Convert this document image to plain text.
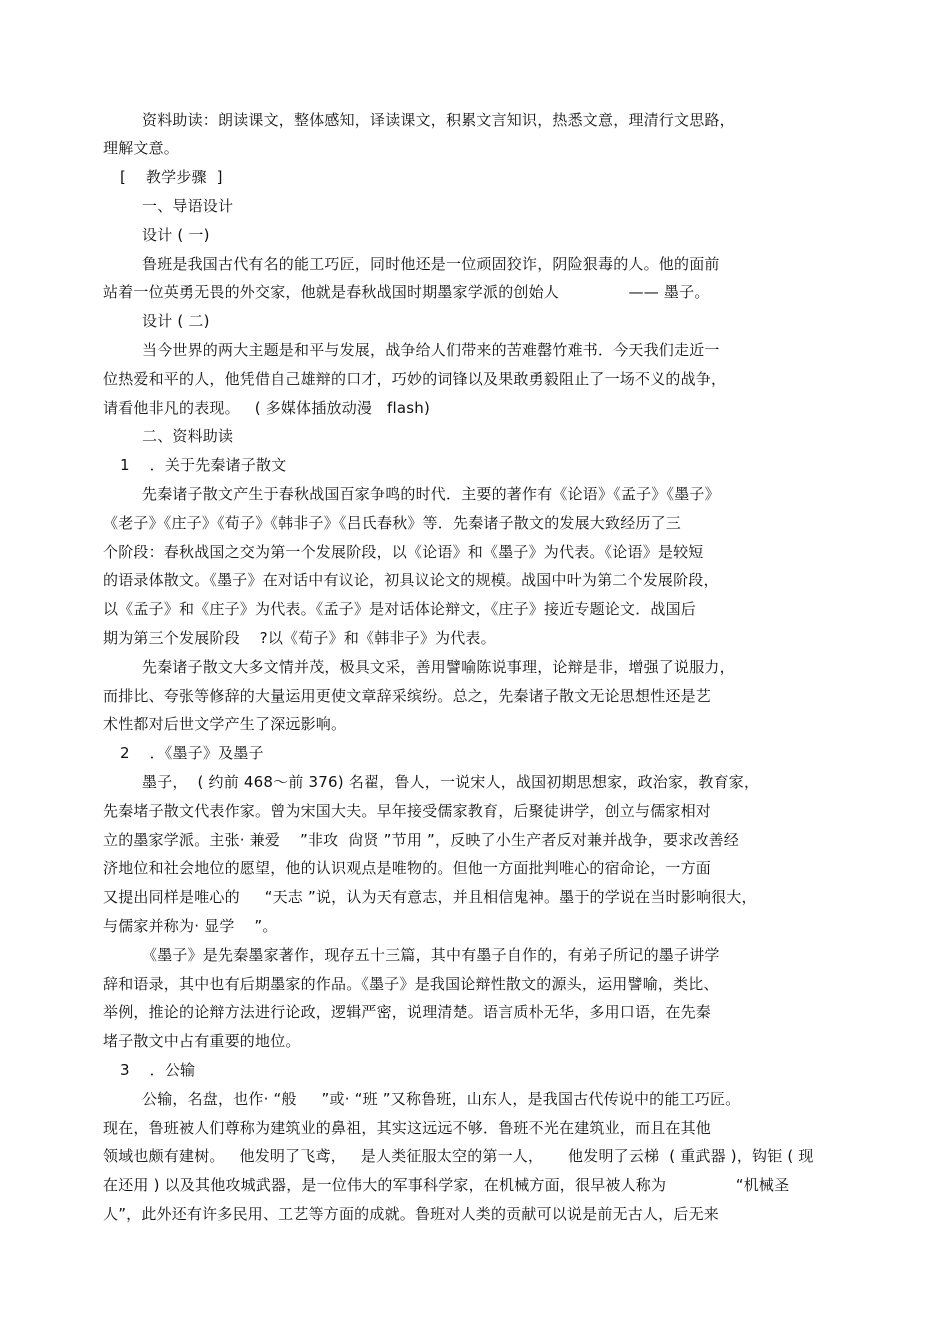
资料助读：朗读课文，整体感知，译读课文，积累文言知识，热悉文意，理清行文思路，
理解文意。
[    教学步骤  ]
一、导语设计
设计 ( 一)
鲁班是我国古代有名的能工巧匠，同时他还是一位顽固狡诈，阴险狠毒的人。他的面前
站着一位英勇无畏的外交家，他就是春秋战国时期墨家学派的创始人              —— 墨子。
设计 ( 二)
当今世界的两大主题是和平与发展，战争给人们带来的苦难罄竹难书．今天我们走近一
位热爱和平的人，他凭借自己雄辩的口才，巧妙的词锋以及果敢勇毅阻止了一场不义的战争，
请看他非凡的表现。   ( 多媒体插放动漫   flash)
二、资料助读
1    ．关于先秦诸子散文
先秦诸子散文产生于春秋战国百家争鸣的时代．主要的著作有《论语》《孟子》《墨子》
《老子》《庄子》《荀子》《韩非子》《吕氏春秋》等．先秦诸子散文的发展大致经历了三
个阶段：春秋战国之交为第一个发展阶段，以《论语》和《墨子》为代表。《论语》是较短
的语录体散文。《墨子》在对话中有议论，初具议论文的规模。战国中叶为第二个发展阶段，
以《孟子》和《庄子》为代表。《孟子》是对话体论辩文，《庄子》接近专题论文．战国后
期为第三个发展阶段    ?以《荀子》和《韩非子》为代表。
先秦诸子散文大多文情并茂，极具文采，善用譬喻陈说事理，论辩是非，增强了说服力，
而排比、夸张等修辞的大量运用更使文章辞采缤纷。总之，先秦诸子散文无论思想性还是艺
术性都对后世文学产生了深远影响。
2    ．《墨子》及墨子
墨子，  ( 约前 468～前 376) 名翟，鲁人，一说宋人，战国初期思想家，政治家，教育家，
先秦堵子散文代表作家。曾为宋国大夫。早年接受儒家教育，后聚徒讲学，创立与儒家相对
立的墨家学派。主张· 兼爱    ”非攻  尙贤 ”节用 ”，反映了小生产者反对兼并战争，要求改善经
济地位和社会地位的愿望，他的认识观点是唯物的。但他一方面批判唯心的宿命论，一方面
又提出同样是唯心的     “天志 ”说，认为天有意志，并且相信鬼神。墨于的学说在当时影响很大，
与儒家并称为· 显学    ”。
《墨子》是先秦墨家著作，现存五十三篇，其中有墨子自作的，有弟子所记的墨子讲学
辞和语录，其中也有后期墨家的作品。《墨子》是我国论辩性散文的源头，运用譬喻，类比、
举例，推论的论辩方法进行论政，逻辑严密，说理清楚。语言质朴无华，多用口语，在先秦
堵子散文中占有重要的地位。
3    ．公输
公输，名盘，也作· “般     ”或· “班 ”又称鲁班，山东人，是我国古代传说中的能工巧匠。
现在，鲁班被人们尊称为建筑业的鼻祖，其实这远远不够．鲁班不光在建筑业，而且在其他
领域也颇有建树。   他发明了飞鸢，   是人类征服太空的第一人，     他发明了云梯  ( 重武器 )，钩钜 ( 现
在还用 ) 以及其他攻城武器，是一位伟大的军事科学家，在机械方面，很早被人称为              “机械圣
人”，此外还有许多民用、工艺等方面的成就。鲁班对人类的贡献可以说是前无古人，后无来
